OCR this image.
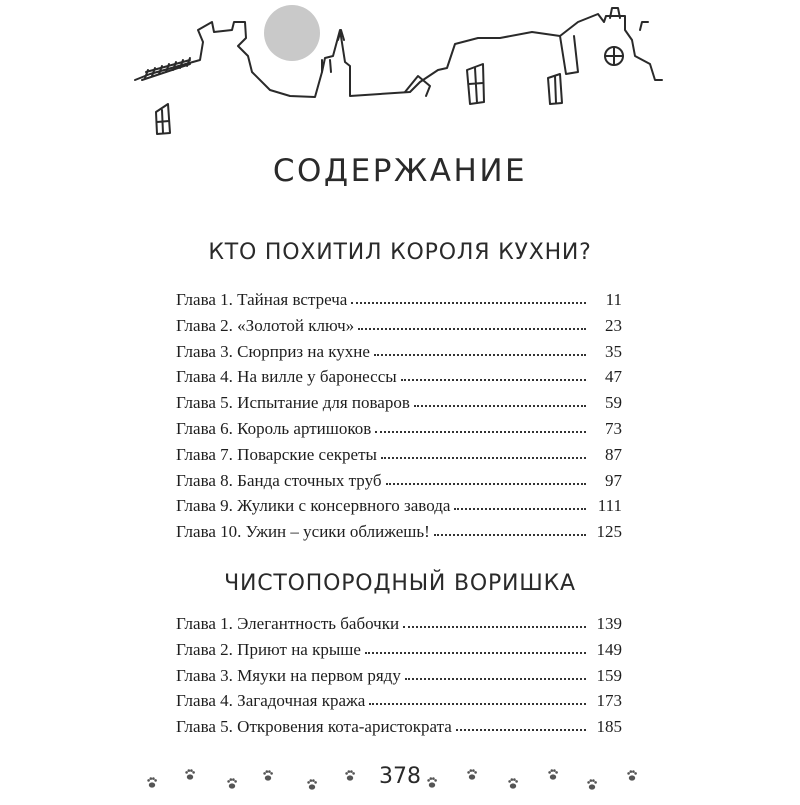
СОДЕРЖАНИЕ
КТО ПОХИТИЛ КОРОЛЯ КУХНИ?
Глава 1. Тайная встреча	11
Глава 2. «Золотой ключ»	23
Глава 3. Сюрприз на кухне	35
Глава 4. На вилле у баронессы	47
Глава 5. Испытание для поваров	59
Глава 6. Король артишоков	73
Глава 7. Поварские секреты	87
Глава 8. Банда сточных труб	97
Глава 9. Жулики с консервного завода	111
Глава 10. Ужин – усики оближешь!	125
ЧИСТОПОРОДНЫЙ ВОРИШКА
Глава 1. Элегантность бабочки	139
Глава 2. Приют на крыше	149
Глава 3. Мяуки на первом ряду	159
Глава 4. Загадочная кража	173
Глава 5. Откровения кота-аристократа	185

378
